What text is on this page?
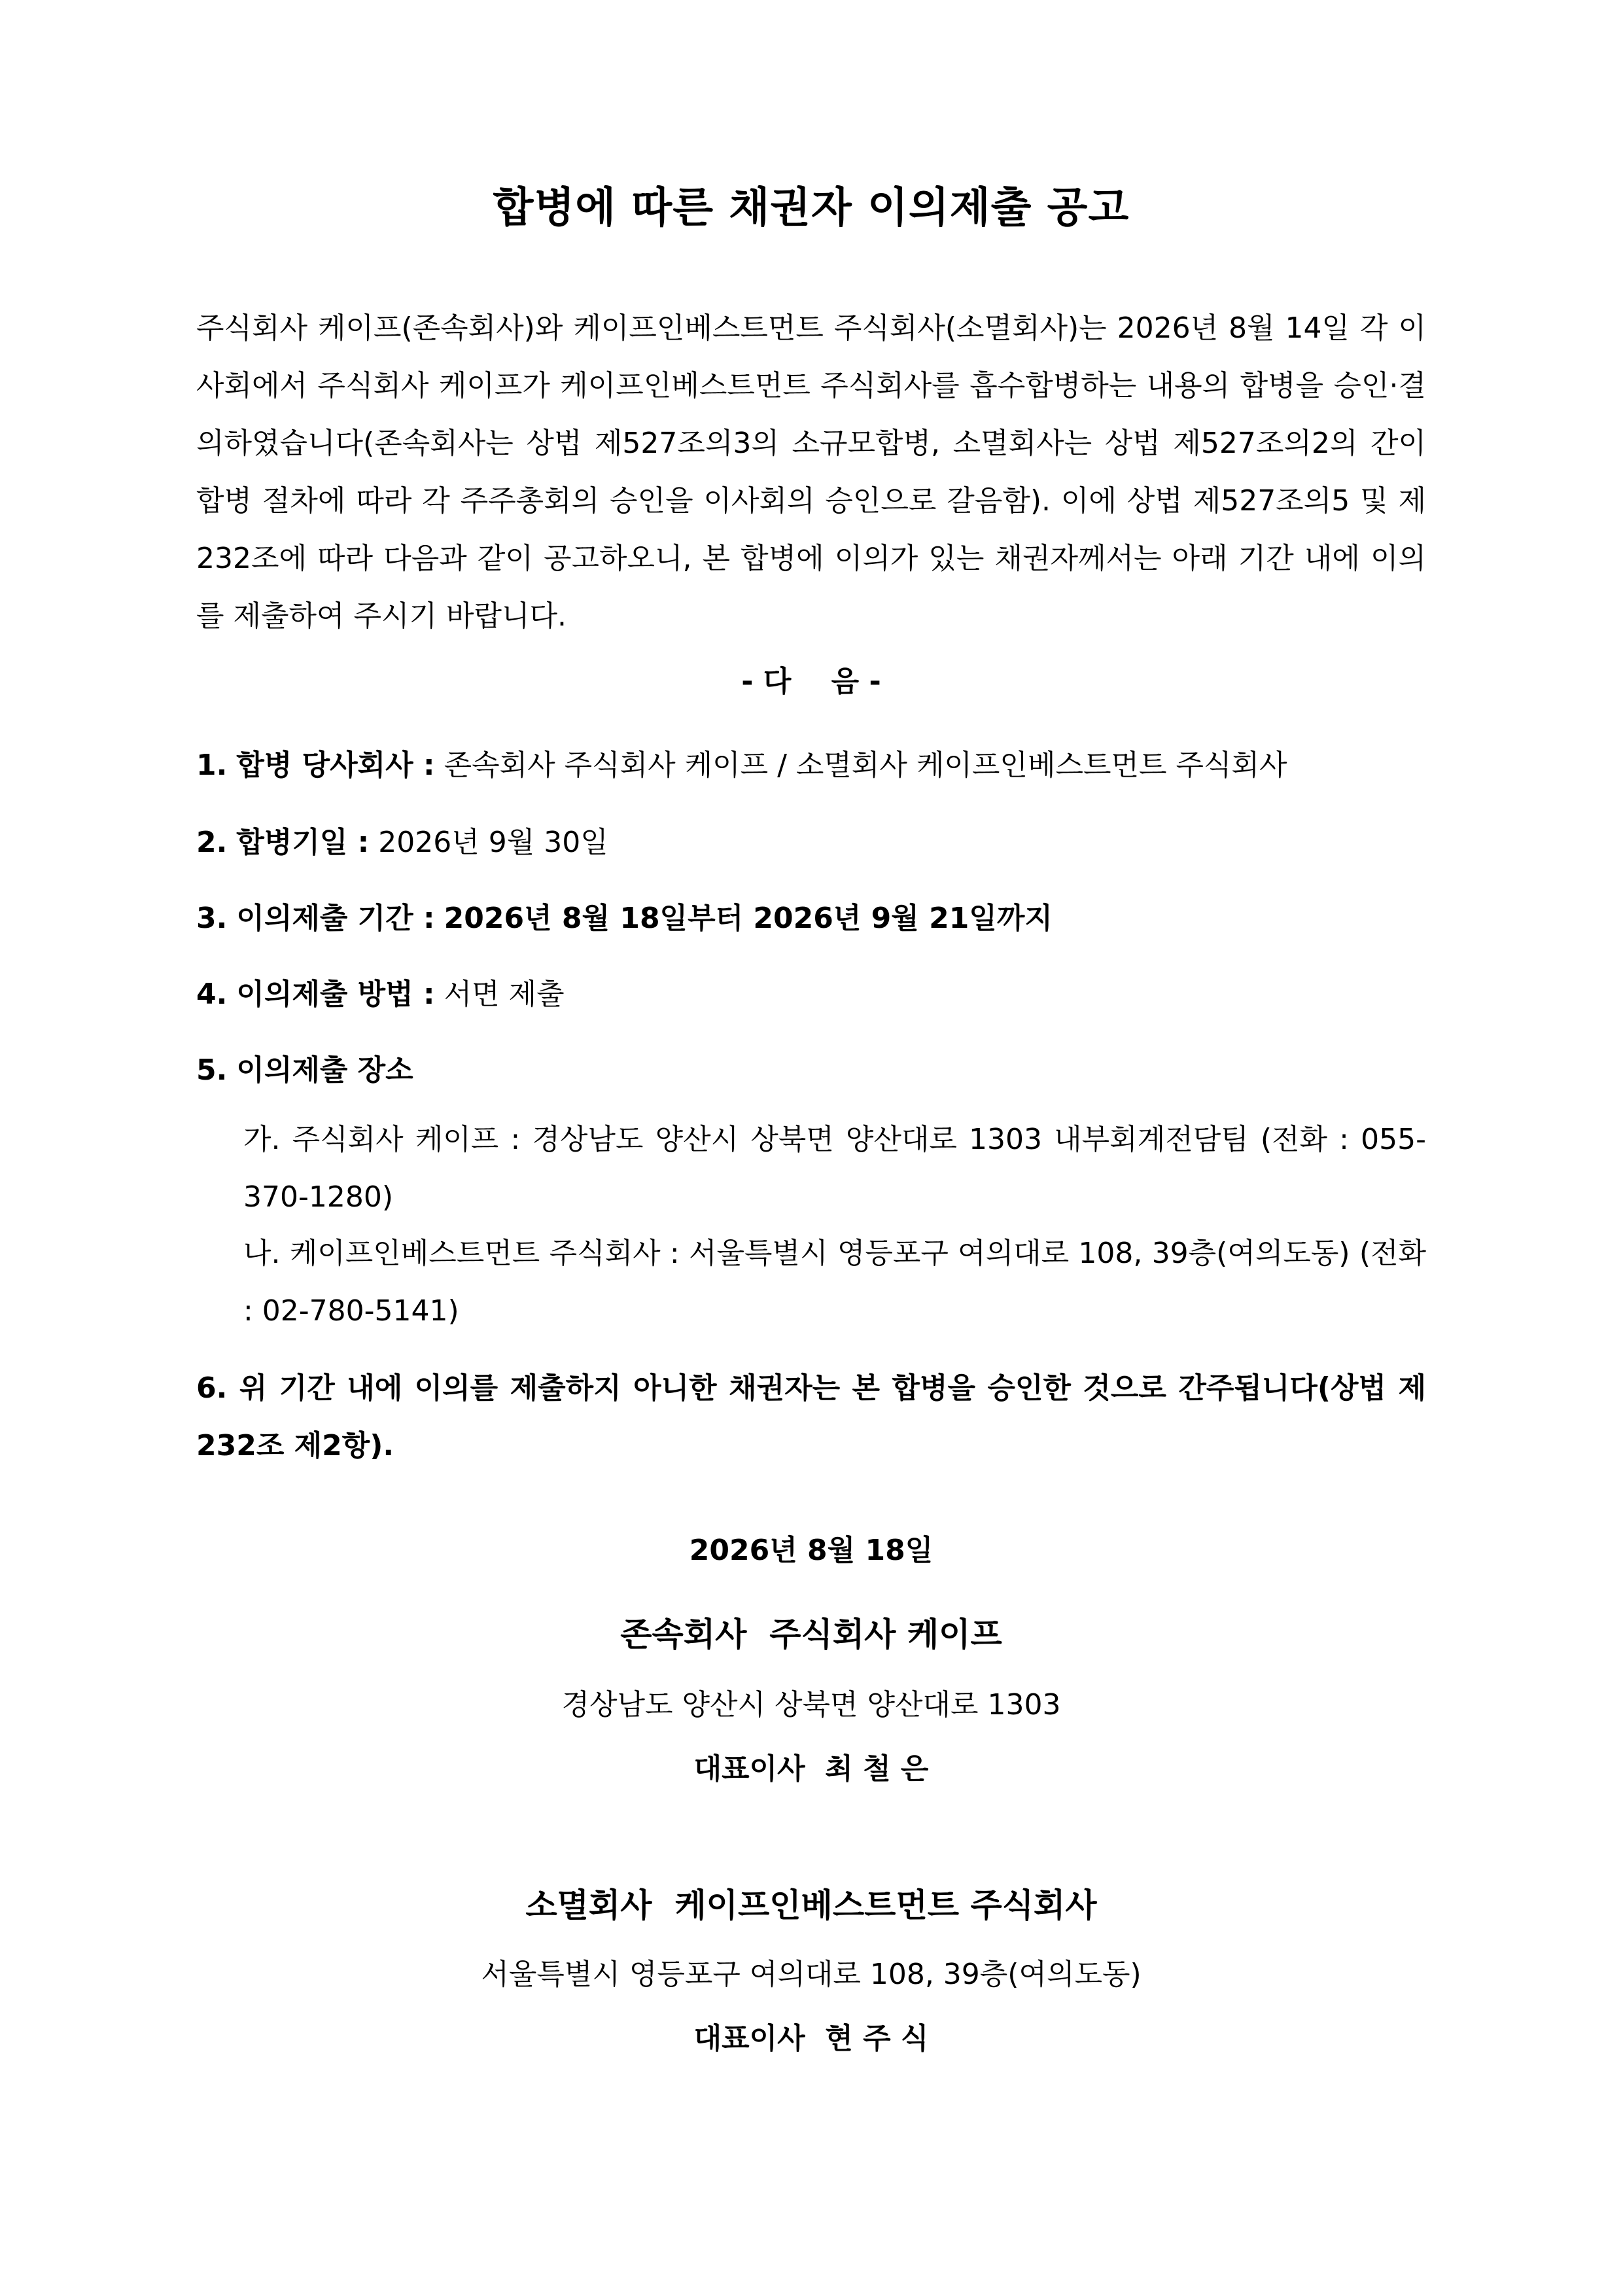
합병에 따른 채권자 이의제출 공고

주식회사 케이프(존속회사)와 케이프인베스트먼트 주식회사(소멸회사)는 2026년 8월 14일 각 이사회에서 주식회사 케이프가 케이프인베스트먼트 주식회사를 흡수합병하는 내용의 합병을 승인·결의하였습니다(존속회사는 상법 제527조의3의 소규모합병, 소멸회사는 상법 제527조의2의 간이합병 절차에 따라 각 주주총회의 승인을 이사회의 승인으로 갈음함). 이에 상법 제527조의5 및 제232조에 따라 다음과 같이 공고하오니, 본 합병에 이의가 있는 채권자께서는 아래 기간 내에 이의를 제출하여 주시기 바랍니다.

- 다    음 -

1. 합병 당사회사 : 존속회사 주식회사 케이프 / 소멸회사 케이프인베스트먼트 주식회사

2. 합병기일 : 2026년 9월 30일

3. 이의제출 기간 : 2026년 8월 18일부터 2026년 9월 21일까지

4. 이의제출 방법 : 서면 제출

5. 이의제출 장소

가. 주식회사 케이프 : 경상남도 양산시 상북면 양산대로 1303 내부회계전담팀 (전화 : 055-370-1280)

나. 케이프인베스트먼트 주식회사 : 서울특별시 영등포구 여의대로 108, 39층(여의도동) (전화 : 02-780-5141)

6. 위 기간 내에 이의를 제출하지 아니한 채권자는 본 합병을 승인한 것으로 간주됩니다(상법 제232조 제2항).

2026년 8월 18일

존속회사  주식회사 케이프

경상남도 양산시 상북면 양산대로 1303

대표이사  최 철 은

소멸회사  케이프인베스트먼트 주식회사

서울특별시 영등포구 여의대로 108, 39층(여의도동)

대표이사  현 주 식
